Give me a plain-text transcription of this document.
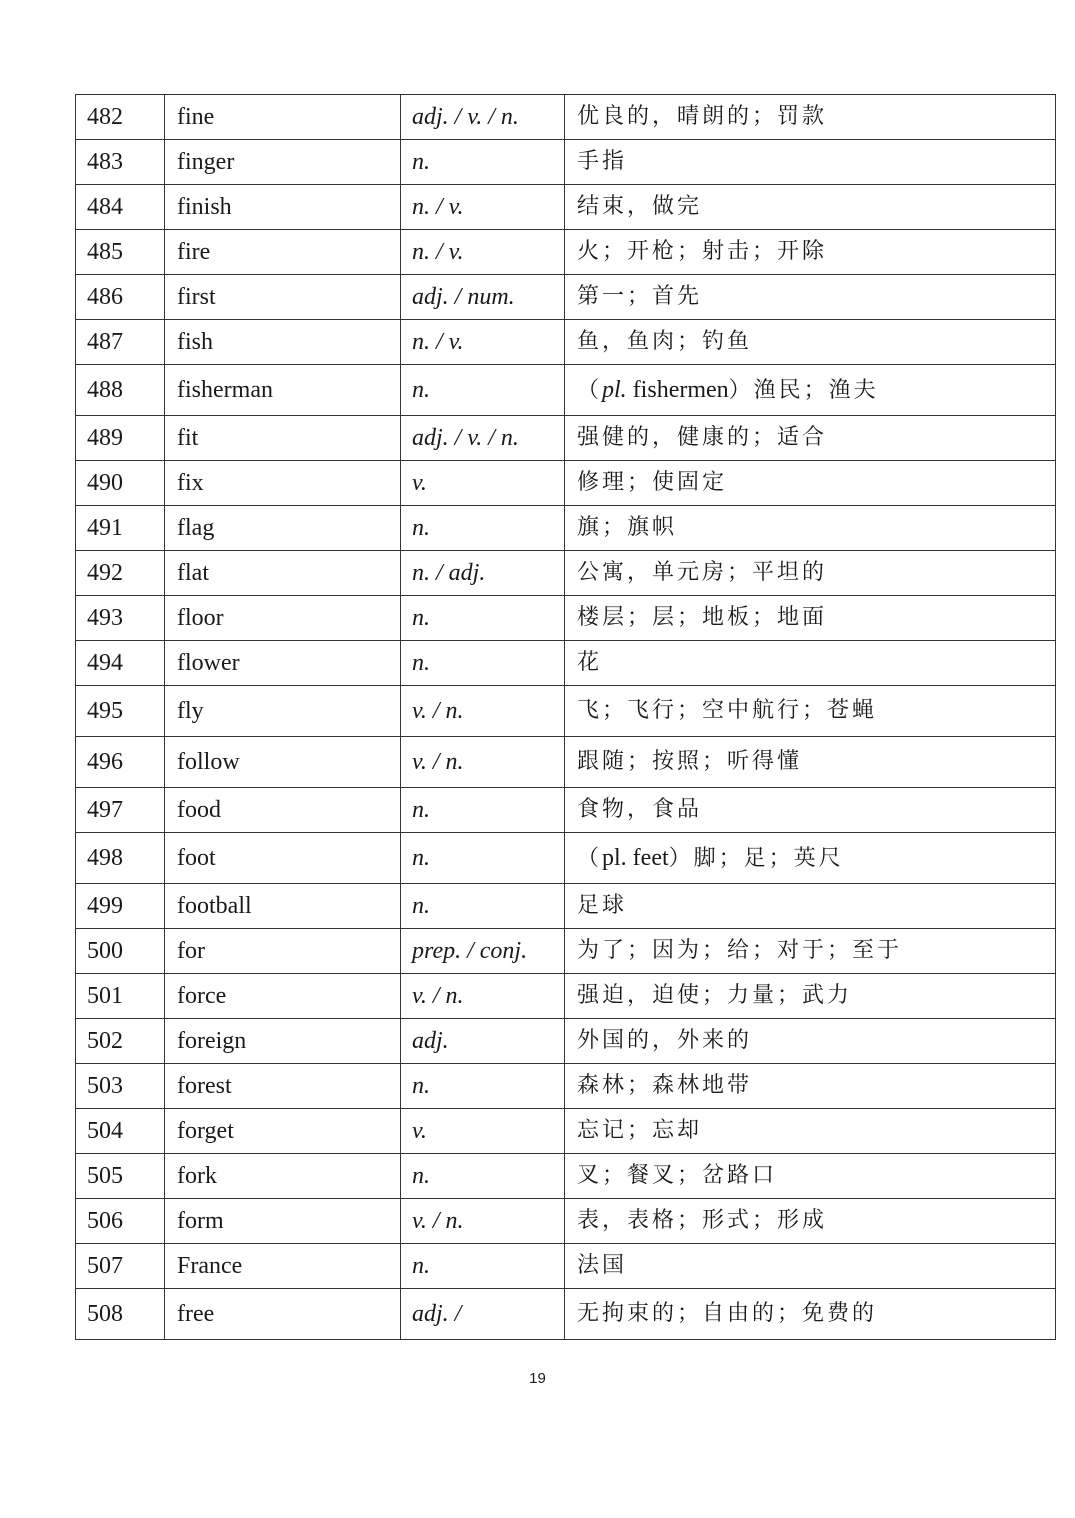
482	fine	adj. / v. / n.	优良的，晴朗的；罚款
483	finger	n.	手指
484	finish	n. / v.	结束，做完
485	fire	n. / v.	火；开枪；射击；开除
486	first	adj. / num.	第一；首先
487	fish	n. / v.	鱼，鱼肉；钓鱼
488	fisherman	n.	（pl. fishermen）渔民；渔夫
489	fit	adj. / v. / n.	强健的，健康的；适合
490	fix	v.	修理；使固定
491	flag	n.	旗；旗帜
492	flat	n. / adj.	公寓，单元房；平坦的
493	floor	n.	楼层；层；地板；地面
494	flower	n.	花
495	fly	v. / n.	飞；飞行；空中航行；苍蝇
496	follow	v. / n.	跟随；按照；听得懂
497	food	n.	食物，食品
498	foot	n.	（pl. feet）脚；足；英尺
499	football	n.	足球
500	for	prep. / conj.	为了；因为；给；对于；至于
501	force	v. / n.	强迫，迫使；力量；武力
502	foreign	adj.	外国的，外来的
503	forest	n.	森林；森林地带
504	forget	v.	忘记；忘却
505	fork	n.	叉；餐叉；岔路口
506	form	v. / n.	表，表格；形式；形成
507	France	n.	法国
508	free	adj. /	无拘束的；自由的；免费的
19
